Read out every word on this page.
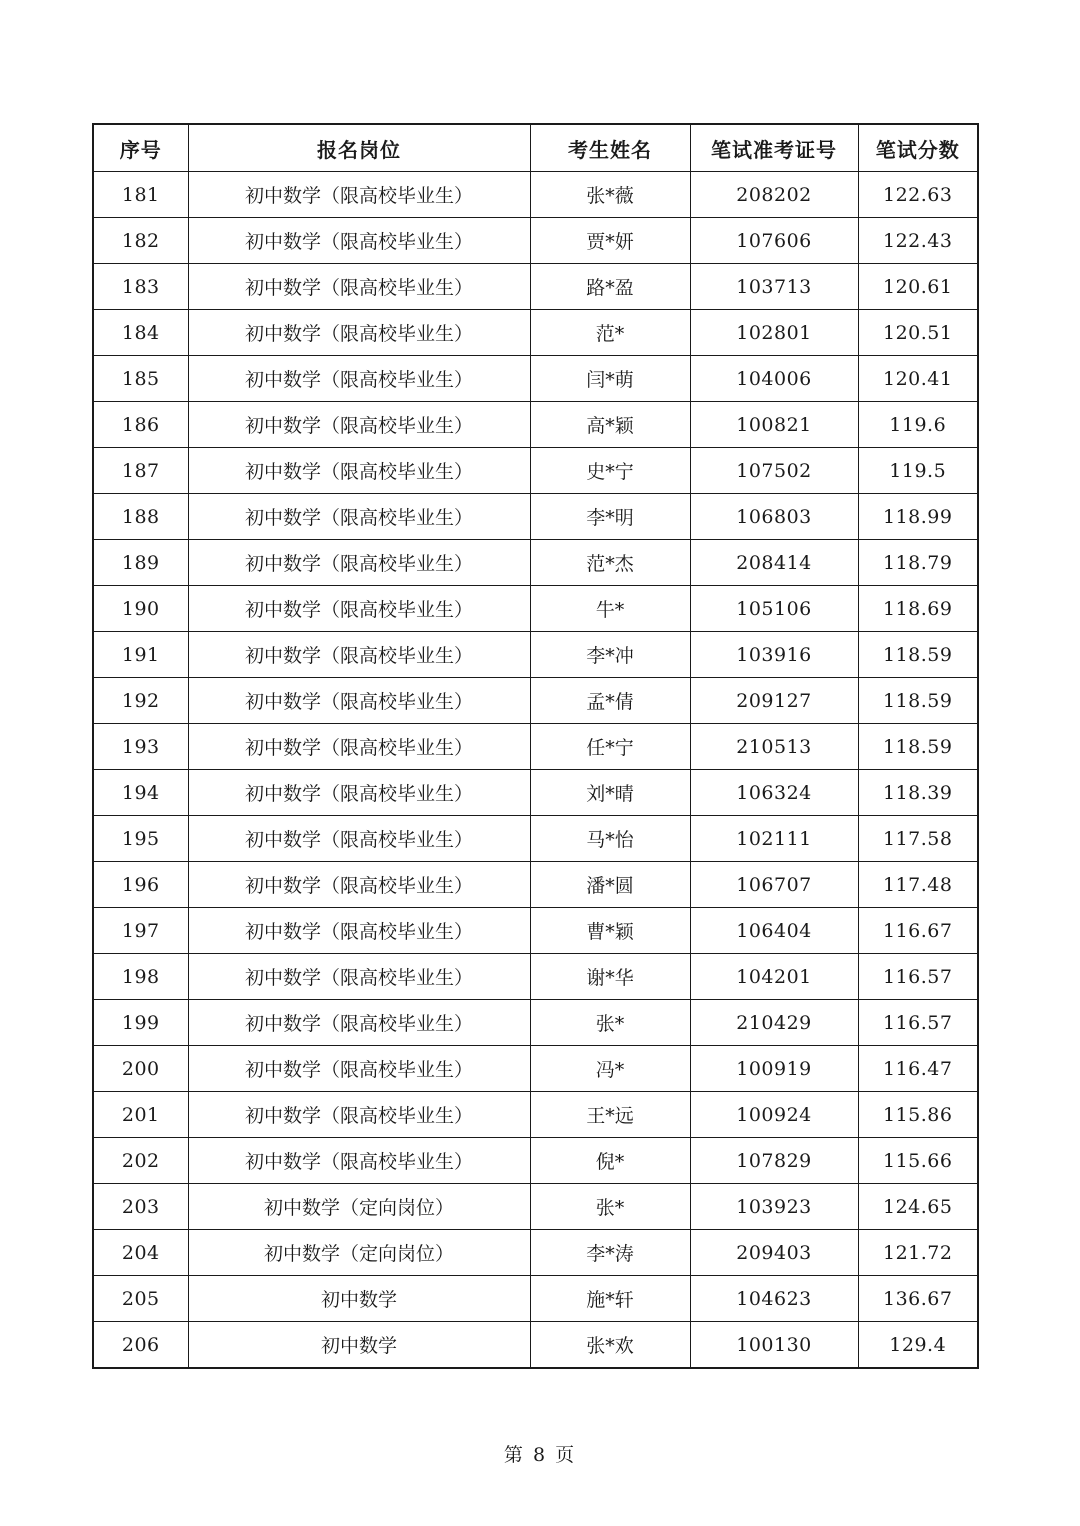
序号	报名岗位	考生姓名	笔试准考证号	笔试分数
181	初中数学（限高校毕业生）	张*薇	208202	122.63
182	初中数学（限高校毕业生）	贾*妍	107606	122.43
183	初中数学（限高校毕业生）	路*盈	103713	120.61
184	初中数学（限高校毕业生）	范*	102801	120.51
185	初中数学（限高校毕业生）	闫*萌	104006	120.41
186	初中数学（限高校毕业生）	高*颖	100821	119.6
187	初中数学（限高校毕业生）	史*宁	107502	119.5
188	初中数学（限高校毕业生）	李*明	106803	118.99
189	初中数学（限高校毕业生）	范*杰	208414	118.79
190	初中数学（限高校毕业生）	牛*	105106	118.69
191	初中数学（限高校毕业生）	李*冲	103916	118.59
192	初中数学（限高校毕业生）	孟*倩	209127	118.59
193	初中数学（限高校毕业生）	任*宁	210513	118.59
194	初中数学（限高校毕业生）	刘*晴	106324	118.39
195	初中数学（限高校毕业生）	马*怡	102111	117.58
196	初中数学（限高校毕业生）	潘*圆	106707	117.48
197	初中数学（限高校毕业生）	曹*颖	106404	116.67
198	初中数学（限高校毕业生）	谢*华	104201	116.57
199	初中数学（限高校毕业生）	张*	210429	116.57
200	初中数学（限高校毕业生）	冯*	100919	116.47
201	初中数学（限高校毕业生）	王*远	100924	115.86
202	初中数学（限高校毕业生）	倪*	107829	115.66
203	初中数学（定向岗位）	张*	103923	124.65
204	初中数学（定向岗位）	李*涛	209403	121.72
205	初中数学	施*轩	104623	136.67
206	初中数学	张*欢	100130	129.4
第 8 页
